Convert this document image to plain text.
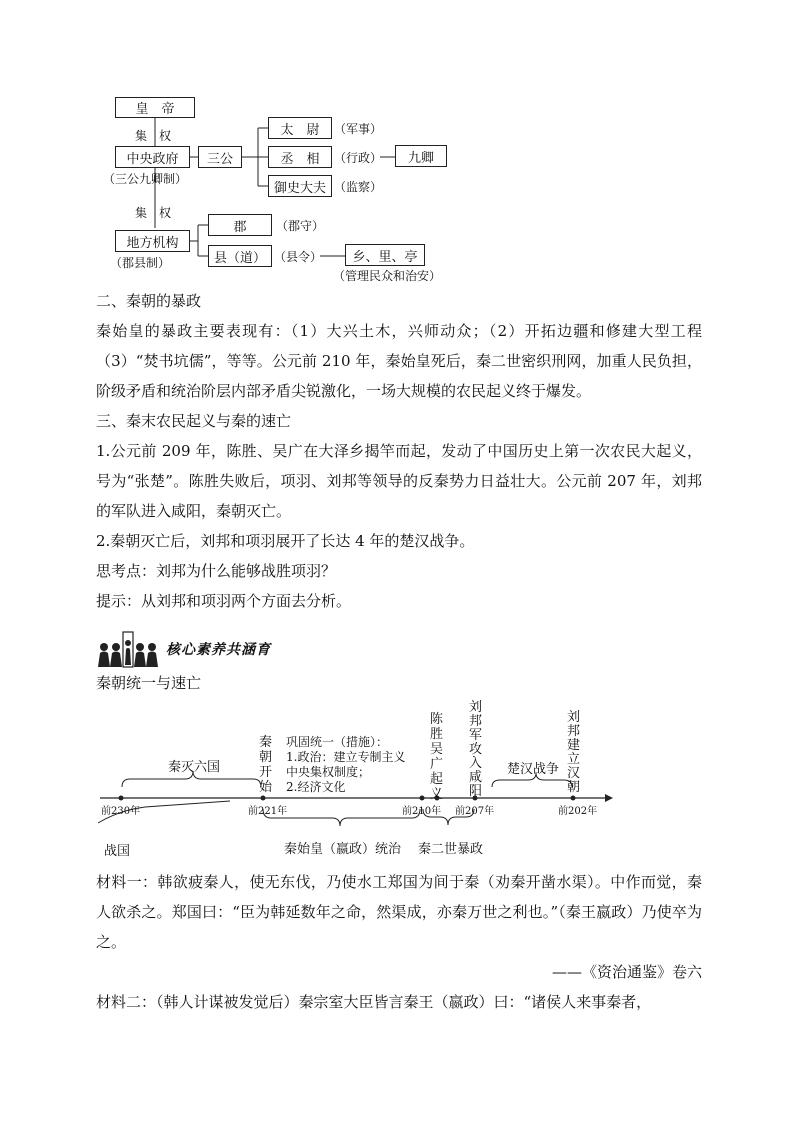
皇　帝
集　权
中央政府
（三公九卿制）
集　权
三公
太　尉	（军事）
丞　相	（行政）	九卿
御史大夫 （监察）
地方机构
（郡县制）
郡	（郡守）
县（道） （县令）	乡、里、亭
（管理民众和治安）

二、秦朝的暴政

秦始皇的暴政主要表现有：（1）大兴土木，兴师动众；（2）开拓边疆和修建大型工程（3）“焚书坑儒”，等等。公元前 210 年，秦始皇死后，秦二世密织刑网，加重人民负担，阶级矛盾和统治阶层内部矛盾尖锐激化，一场大规模的农民起义终于爆发。

三、秦末农民起义与秦的速亡

1.公元前 209 年，陈胜、吴广在大泽乡揭竿而起，发动了中国历史上第一次农民大起义，号为“张楚”。陈胜失败后，项羽、刘邦等领导的反秦势力日益壮大。公元前 207 年，刘邦的军队进入咸阳，秦朝灭亡。

2.秦朝灭亡后，刘邦和项羽展开了长达 4 年的楚汉战争。

思考点：刘邦为什么能够战胜项羽？

提示：从刘邦和项羽两个方面去分析。

核心素养共涵育
秦朝统一与速亡
秦灭六国	楚汉战争
秦
朝
开
始
巩固统一（措施）：
1.政治：建立专制主义
中央集权制度；
2.经济文化
陈
胜
吴
广
起
义
刘
邦
军
攻
入
咸
阳
刘
邦
建
立
汉
朝
前230年	前221年	前210年 前207年	前202年
战国	秦始皇（嬴政）统治 秦二世暴政

材料一：韩欲疲秦人，使无东伐，乃使水工郑国为间于秦（劝秦开凿水渠）。中作而觉，秦人欲杀之。郑国曰：“臣为韩延数年之命，然渠成，亦秦万世之利也。”（秦王嬴政）乃使卒为之。

——《资治通鉴》卷六

材料二：（韩人计谋被发觉后）秦宗室大臣皆言秦王（嬴政）曰：“诸侯人来事秦者，
